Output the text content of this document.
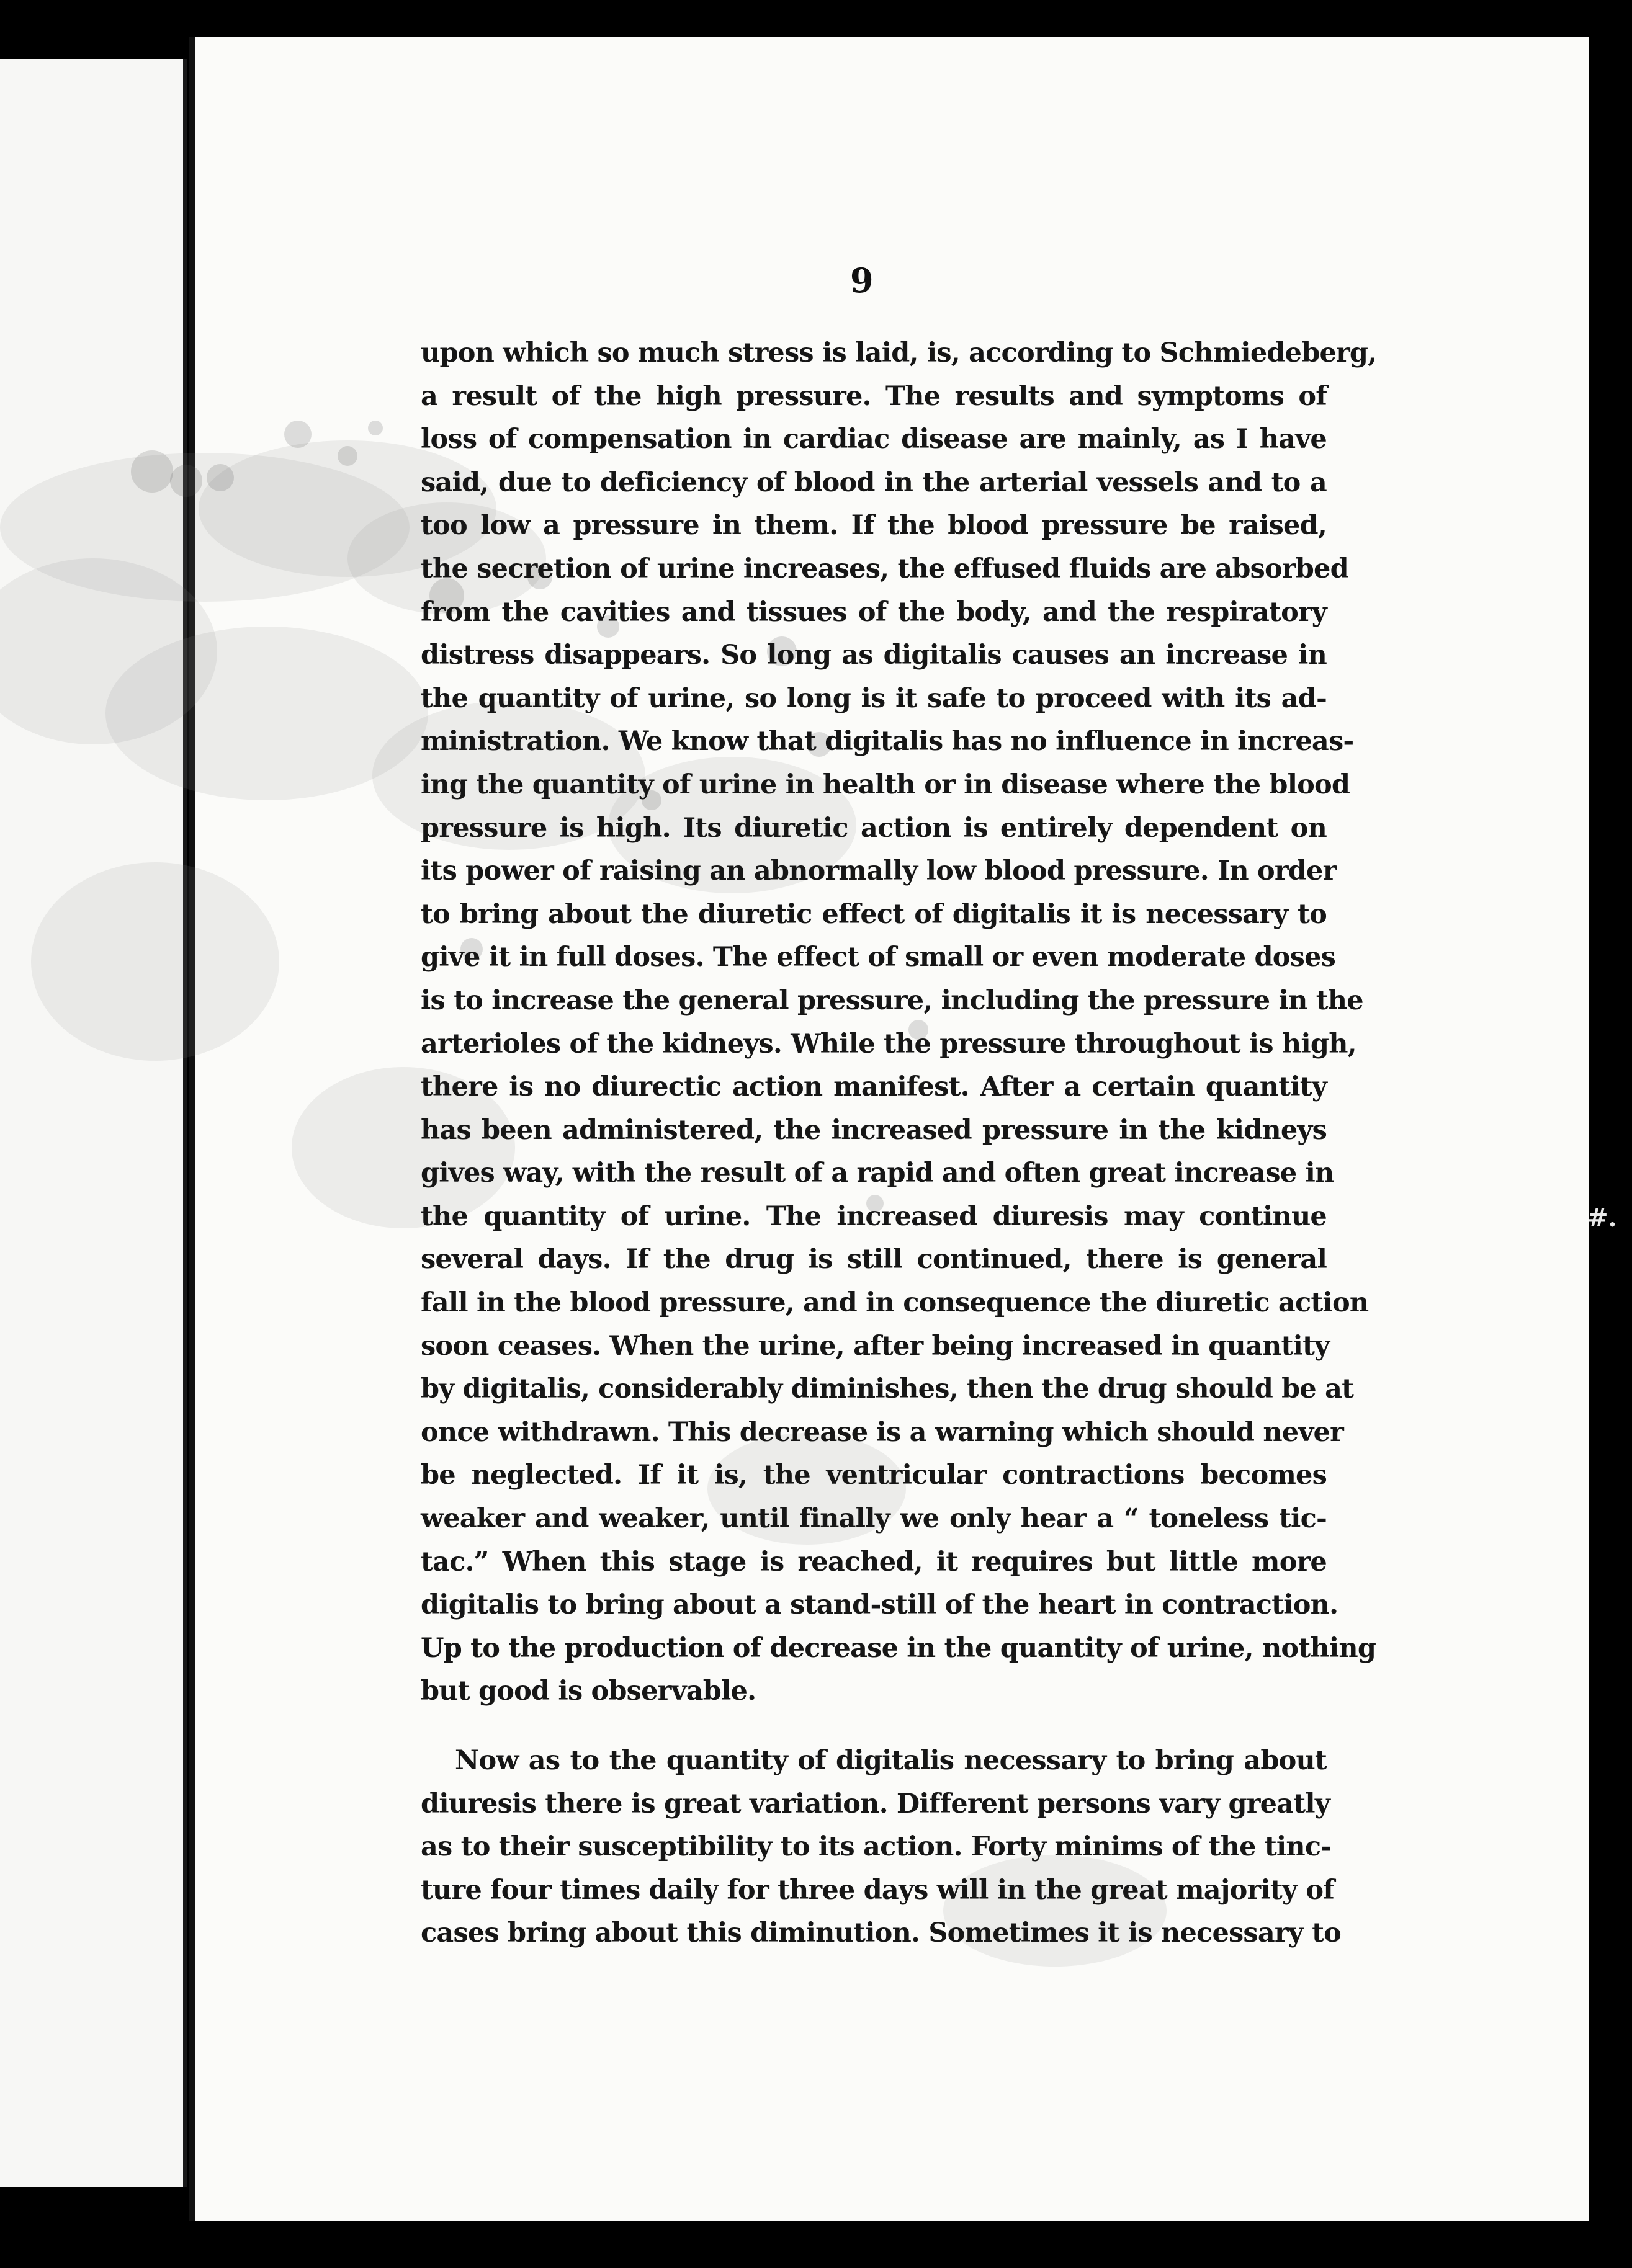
9
upon which so much stress is laid, is, according to Schmiedeberg,
a result of the high pressure. The results and symptoms of
loss of compensation in cardiac disease are mainly, as I have
said, due to deficiency of blood in the arterial vessels and to a
too low a pressure in them. If the blood pressure be raised,
the secretion of urine increases, the effused fluids are absorbed
from the cavities and tissues of the body, and the respiratory
distress disappears. So long as digitalis causes an increase in
the quantity of urine, so long is it safe to proceed with its ad-
ministration. We know that digitalis has no influence in increas-
ing the quantity of urine in health or in disease where the blood
pressure is high. Its diuretic action is entirely dependent on
its power of raising an abnormally low blood pressure. In order
to bring about the diuretic effect of digitalis it is necessary to
give it in full doses. The effect of small or even moderate doses
is to increase the general pressure, including the pressure in the
arterioles of the kidneys. While the pressure throughout is high,
there is no diurectic action manifest. After a certain quantity
has been administered, the increased pressure in the kidneys
gives way, with the result of a rapid and often great increase in
the quantity of urine. The increased diuresis may continue
several days. If the drug is still continued, there is general
fall in the blood pressure, and in consequence the diuretic action
soon ceases. When the urine, after being increased in quantity
by digitalis, considerably diminishes, then the drug should be at
once withdrawn. This decrease is a warning which should never
be neglected. If it is, the ventricular contractions becomes
weaker and weaker, until finally we only hear a “ toneless tic-
tac.” When this stage is reached, it requires but little more
digitalis to bring about a stand-still of the heart in contraction.
Up to the production of decrease in the quantity of urine, nothing
but good is observable.
Now as to the quantity of digitalis necessary to bring about
diuresis there is great variation. Different persons vary greatly
as to their susceptibility to its action. Forty minims of the tinc-
ture four times daily for three days will in the great majority of
cases bring about this diminution. Sometimes it is necessary to
#.
